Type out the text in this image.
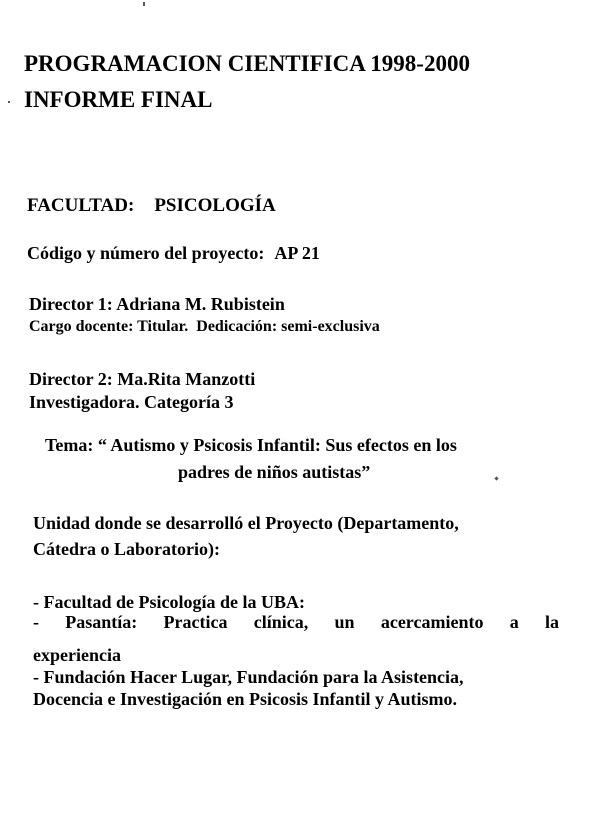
PROGRAMACION CIENTIFICA 1998-2000
INFORME FINAL
FACULTAD: PSICOLOGÍA
Código y número del proyecto: AP 21
Director 1: Adriana M. Rubistein
Cargo docente: Titular. Dedicación: semi-exclusiva
Director 2: Ma.Rita Manzotti
Investigadora. Categoría 3
Tema: “ Autismo y Psicosis Infantil: Sus efectos en los
padres de niños autistas”
Unidad donde se desarrolló el Proyecto (Departamento,
Cátedra o Laboratorio):
- Facultad de Psicología de la UBA:
- Pasantía: Practica clínica, un acercamiento a la
experiencia
- Fundación Hacer Lugar, Fundación para la Asistencia,
Docencia e Investigación en Psicosis Infantil y Autismo.
